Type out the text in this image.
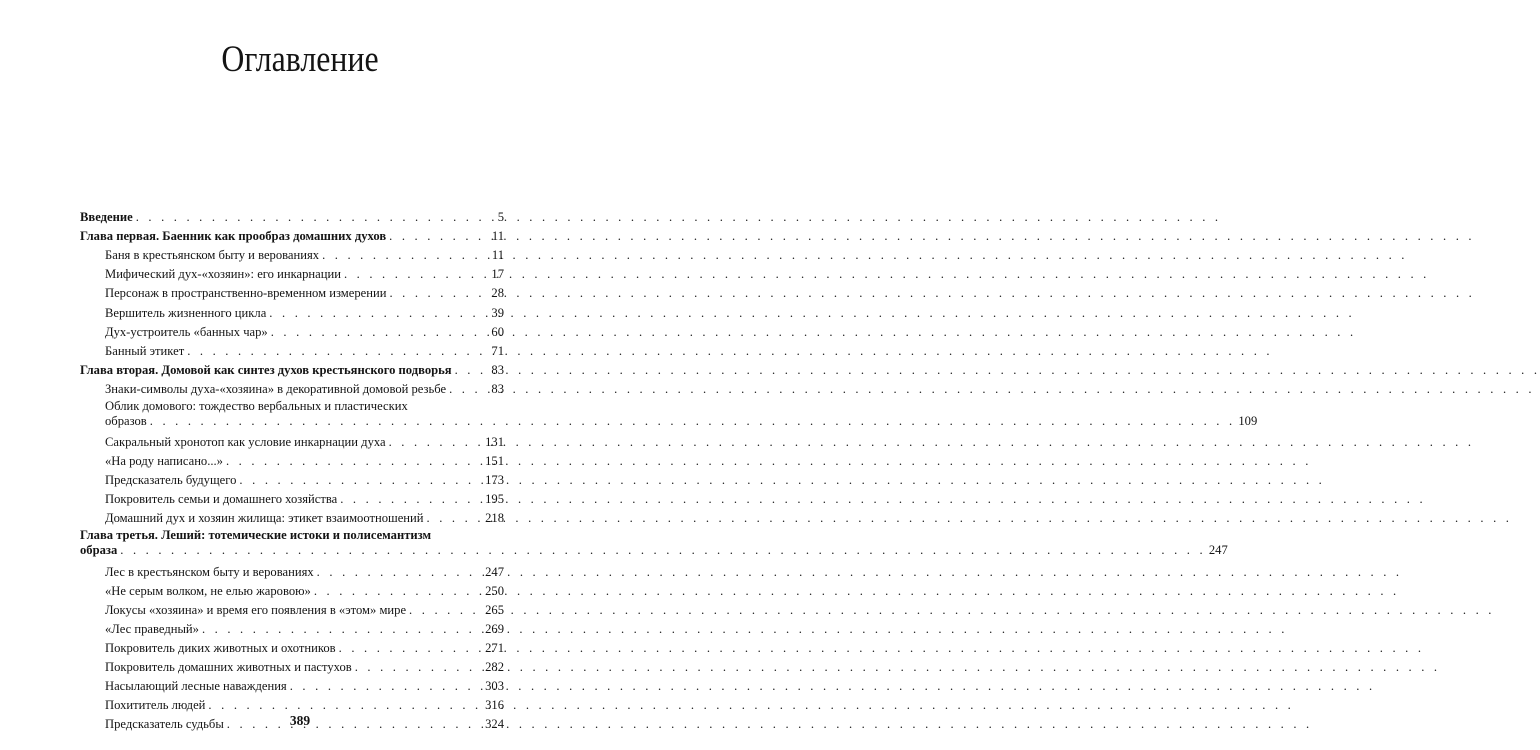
Оглавление
Введение . . .	5
Глава первая. Баенник как прообраз домашних духов . . .	11
Баня в крестьянском быту и верованиях . . .	11
Мифический дух-«хозяин»: его инкарнации . . .	17
Персонаж в пространственно-временном измерении . . .	28
Вершитель жизненного цикла . . .	39
Дух-устроитель «банных чар» . . .	60
Банный этикет . . .	71
Глава вторая. Домовой как синтез духов крестьянского подворья . . .	83
Знаки-символы духа-«хозяина» в декоративной домовой резьбе . . .	83
Облик домового: тождество вербальных и пластических
образов . . .	109
Сакральный хронотоп как условие инкарнации духа . . .	131
«На роду написано...» . . .	151
Предсказатель будущего . . .	173
Покровитель семьи и домашнего хозяйства . . .	195
Домашний дух и хозяин жилища: этикет взаимоотношений . . .	218
Глава третья. Леший: тотемические истоки и полисемантизм
образа . . .	247
Лес в крестьянском быту и верованиях . . .	247
«Не серым волком, не елью жаровою» . . .	250
Локусы «хозяина» и время его появления в «этом» мире . . .	265
«Лес праведный» . . .	269
Покровитель диких животных и охотников . . .	271
Покровитель домашних животных и пастухов . . .	282
Насылающий лесные наваждения . . .	303
Похититель людей . . .	316
Предсказатель судьбы . . .	324
389
